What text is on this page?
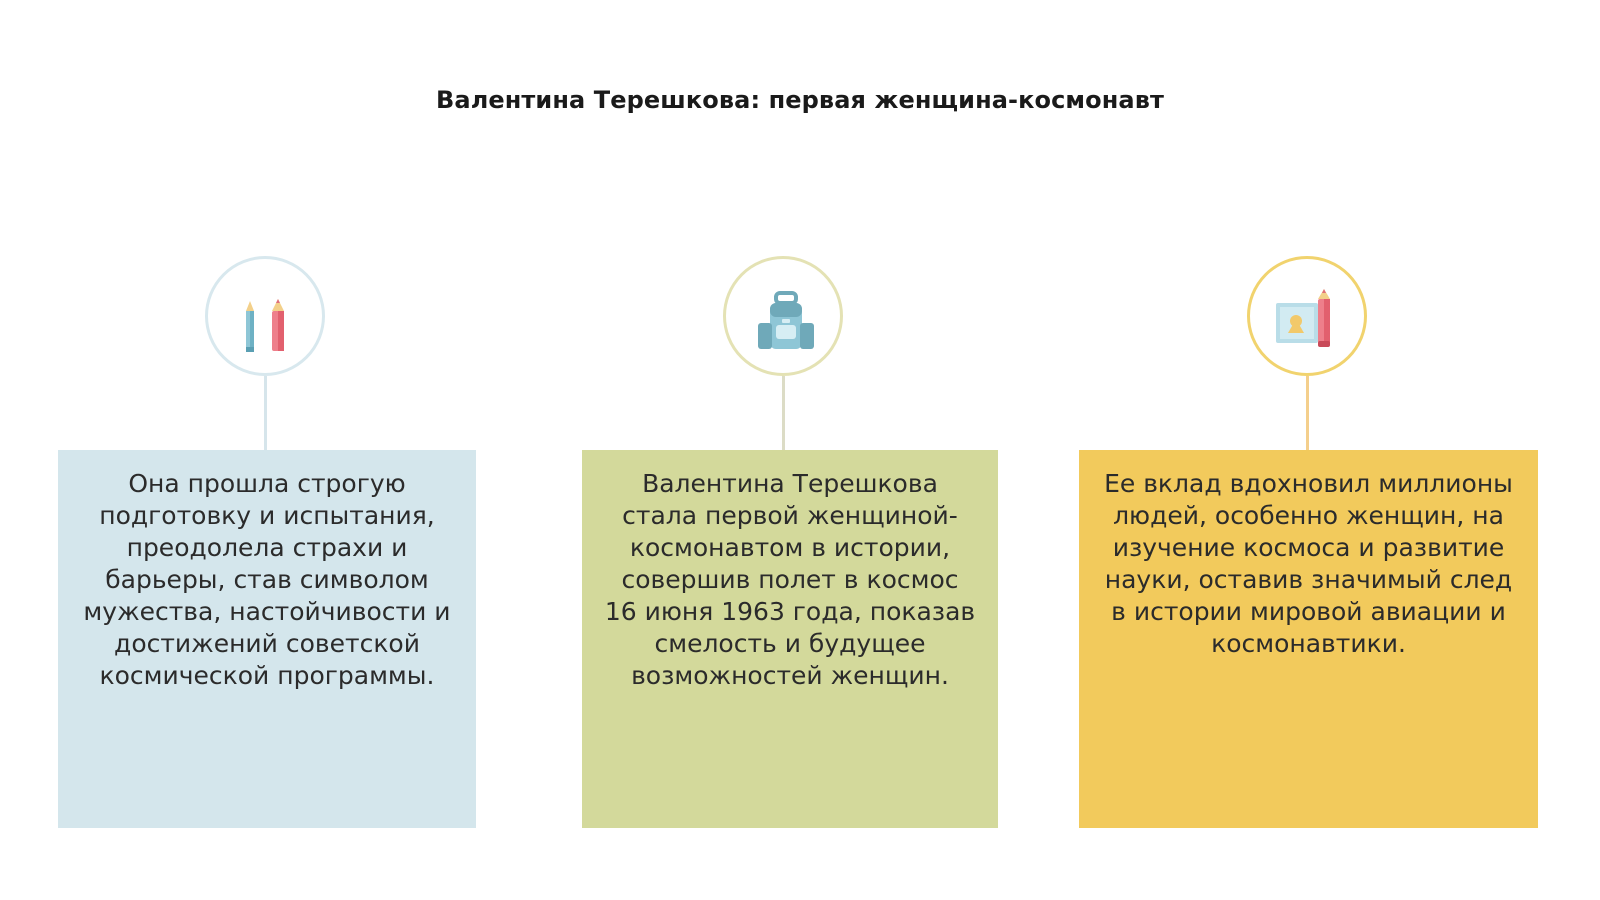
Валентина Терешкова: первая женщина-космонавт
Она прошла строгую подготовку и испытания, преодолела страхи и барьеры, став символом мужества, настойчивости и достижений советской космической программы.
Валентина Терешкова стала первой женщиной-космонавтом в истории, совершив полет в космос 16 июня 1963 года, показав смелость и будущее возможностей женщин.
Ее вклад вдохновил миллионы людей, особенно женщин, на изучение космоса и развитие науки, оставив значимый след в истории мировой авиации и космонавтики.
